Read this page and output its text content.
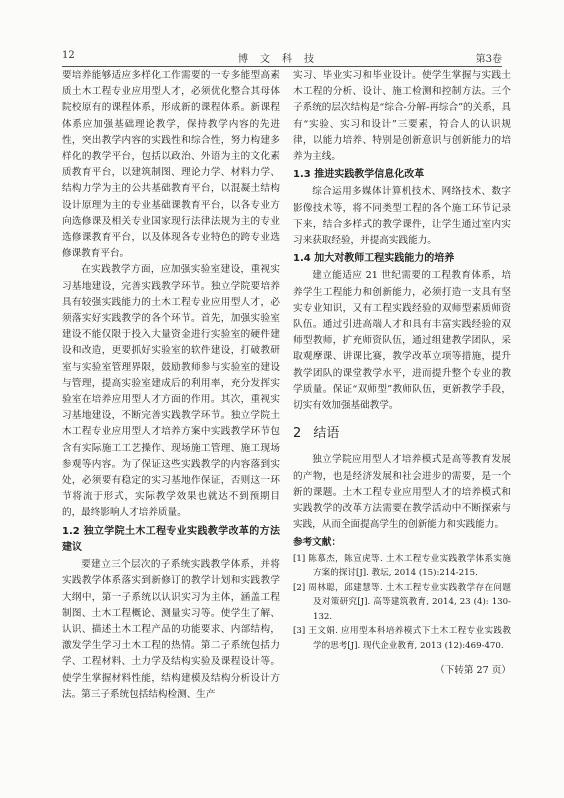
12	博文科技	第3卷

要培养能够适应多样化工作需要的一专多能型高素质土木工程专业应用型人才，必须优化整合其母体院校原有的课程体系，形成新的课程体系。新课程体系应加强基础理论教学，保持教学内容的先进性，突出教学内容的实践性和综合性，努力构建多样化的教学平台，包括以政治、外语为主的文化素质教育平台，以建筑制图、理论力学、材料力学、结构力学为主的公共基础教育平台，以混凝土结构设计原理为主的专业基础课教育平台，以各专业方向选修课及相关专业国家现行法律法规为主的专业选修课教育平台，以及体现各专业特色的跨专业选修课教育平台。

在实践教学方面，应加强实验室建设，重视实习基地建设，完善实践教学环节。独立学院要培养具有较强实践能力的土木工程专业应用型人才，必须落实好实践教学的各个环节。首先，加强实验室建设不能仅限于投入大量资金进行实验室的硬件建设和改造，更要抓好实验室的软件建设，打破教研室与实验室管理界限，鼓励教师参与实验室的建设与管理，提高实验室建成后的利用率，充分发挥实验室在培养应用型人才方面的作用。其次，重视实习基地建设，不断完善实践教学环节。独立学院土木工程专业应用型人才培养方案中实践教学环节包含有实际施工工艺操作、现场施工管理、施工现场参观等内容。为了保证这些实践教学的内容落到实处，必须要有稳定的实习基地作保证，否则这一环节将流于形式，实际教学效果也就达不到预期目的，最终影响人才培养质量。

1.2 独立学院土木工程专业实践教学改革的方法建议

要建立三个层次的子系统实践教学体系，并将实践教学体系落实到新修订的教学计划和实践教学大纲中，第一子系统以认识实习为主体，涵盖工程制图、土木工程概论、测量实习等。使学生了解、认识、描述土木工程产品的功能要求、内部结构，激发学生学习土木工程的热情。第二子系统包括力学、工程材料、土力学及结构实验及课程设计等。使学生掌握材料性能，结构建模及结构分析设计方法。第三子系统包括结构检测、生产

实习、毕业实习和毕业设计。使学生掌握与实践土木工程的分析、设计、施工检测和控制方法。三个子系统的层次结构是“综合-分解-再综合”的关系，具有“实验、实习和设计”三要素，符合人的认识规律，以能力培养、特别是创新意识与创新能力的培养为主线。

1.3 推进实践教学信息化改革

综合运用多媒体计算机技术、网络技术、数字影像技术等，将不同类型工程的各个施工环节记录下来，结合多样式的教学课件，让学生通过室内实习来获取经验，并提高实践能力。

1.4 加大对教师工程实践能力的培养

建立能适应 21 世纪需要的工程教育体系，培养学生工程能力和创新能力，必须打造一支具有坚实专业知识，又有工程实践经验的双师型素质师资队伍。通过引进高端人才和具有丰富实践经验的双师型教师，扩充师资队伍，通过组建教学团队，采取观摩课、讲课比赛，教学改革立项等措施，提升教学团队的课堂教学水平，进而提升整个专业的教学质量。保证“双师型”教师队伍，更新教学手段，切实有效加强基础教学。

2 结语

独立学院应用型人才培养模式是高等教育发展的产物，也是经济发展和社会进步的需要，是一个新的课题。土木工程专业应用型人才的培养模式和实践教学的改革方法需要在教学活动中不断探索与实践，从而全面提高学生的创新能力和实践能力。

参考文献：

[1] 陈慕杰，陈宣虎等. 土木工程专业实践教学体系实施方案的探讨[J]. 教坛, 2014 (15):214-215.

[2] 周林聪，邱建慧等. 土木工程专业实践教学存在问题及对策研究[J]. 高等建筑教育, 2014, 23 (4): 130-132.

[3] 王文娟. 应用型本科培养模式下土木工程专业实践教学的思考[J]. 现代企业教育, 2013 (12):469-470.

（下转第 27 页）
